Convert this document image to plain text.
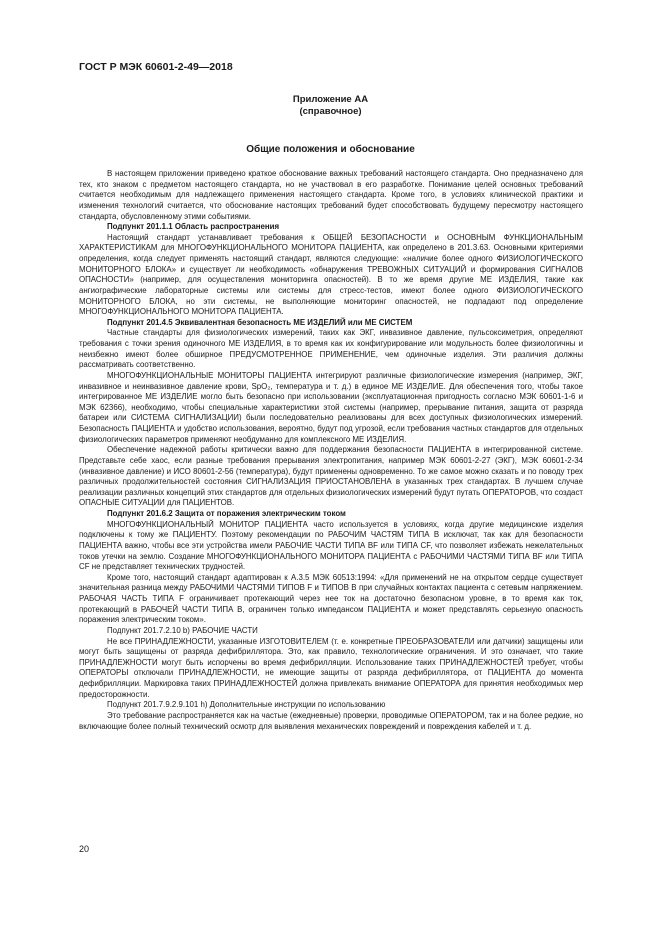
ГОСТ Р МЭК 60601-2-49—2018
Приложение АА
(справочное)
Общие положения и обоснование

В настоящем приложении приведено краткое обоснование важных требований настоящего стандарта. Оно предназначено для тех, кто знаком с предметом настоящего стандарта, но не участвовал в его разработке. Понимание целей основных требований считается необходимым для надлежащего применения настоящего стандарта. Кроме того, в условиях клинической практики и изменения технологий считается, что обоснование настоящих требований будет способствовать будущему пересмотру настоящего стандарта, обусловленному этими событиями.

Подпункт 201.1.1 Область распространения

Настоящий стандарт устанавливает требования к ОБЩЕЙ БЕЗОПАСНОСТИ и ОСНОВНЫМ ФУНКЦИОНАЛЬНЫМ ХАРАКТЕРИСТИКАМ для МНОГОФУНКЦИОНАЛЬНОГО МОНИТОРА ПАЦИЕНТА, как определено в 201.3.63. Основными критериями определения, когда следует применять настоящий стандарт, являются следующие: «наличие более одного ФИЗИОЛОГИЧЕСКОГО МОНИТОРНОГО БЛОКА» и существует ли необходимость «обнаружения ТРЕВОЖНЫХ СИТУАЦИЙ и формирования СИГНАЛОВ ОПАСНОСТИ» (например, для осуществления мониторинга опасностей). В то же время другие МЕ ИЗДЕЛИЯ, такие как ангиографические лабораторные системы или системы для стресс-тестов, имеют более одного ФИЗИОЛОГИЧЕСКОГО МОНИТОРНОГО БЛОКА, но эти системы, не выполняющие мониторинг опасностей, не подпадают под определение МНОГОФУНКЦИОНАЛЬНОГО МОНИТОРА ПАЦИЕНТА.

Подпункт 201.4.5 Эквивалентная безопасность МЕ ИЗДЕЛИЙ или МЕ СИСТЕМ

Частные стандарты для физиологических измерений, таких как ЭКГ, инвазивное давление, пульсоксиметрия, определяют требования с точки зрения одиночного МЕ ИЗДЕЛИЯ, в то время как их конфигурирование или модульность более физиологичны и неизбежно имеют более обширное ПРЕДУСМОТРЕННОЕ ПРИМЕНЕНИЕ, чем одиночные изделия. Эти различия должны рассматривать соответственно.

МНОГОФУНКЦИОНАЛЬНЫЕ МОНИТОРЫ ПАЦИЕНТА интегрируют различные физиологические измерения (например, ЭКГ, инвазивное и неинвазивное давление крови, SpO₂, температура и т. д.) в единое МЕ ИЗДЕЛИЕ. Для обеспечения того, чтобы такое интегрированное МЕ ИЗДЕЛИЕ могло быть безопасно при использовании (эксплуатационная пригодность согласно МЭК 60601-1-6 и МЭК 62366), необходимо, чтобы специальные характеристики этой системы (например, прерывание питания, защита от разряда батареи или СИСТЕМА СИГНАЛИЗАЦИИ) были последовательно реализованы для всех доступных физиологических измерений. Безопасность ПАЦИЕНТА и удобство использования, вероятно, будут под угрозой, если требования частных стандартов для отдельных физиологических параметров применяют необдуманно для комплексного МЕ ИЗДЕЛИЯ.

Обеспечение надежной работы критически важно для поддержания безопасности ПАЦИЕНТА в интегрированной системе. Представьте себе хаос, если разные требования прерывания электропитания, например МЭК 60601-2-27 (ЭКГ), МЭК 60601-2-34 (инвазивное давление) и ИСО 80601-2-56 (температура), будут применены одновременно. То же самое можно сказать и по поводу трех различных продолжительностей состояния СИГНАЛИЗАЦИЯ ПРИОСТАНОВЛЕНА в указанных трех стандартах. В лучшем случае реализации различных концепций этих стандартов для отдельных физиологических измерений будут путать ОПЕРАТОРОВ, что создаст ОПАСНЫЕ СИТУАЦИИ для ПАЦИЕНТОВ.

Подпункт 201.6.2 Защита от поражения электрическим током

МНОГОФУНКЦИОНАЛЬНЫЙ МОНИТОР ПАЦИЕНТА часто используется в условиях, когда другие медицинские изделия подключены к тому же ПАЦИЕНТУ. Поэтому рекомендации по РАБОЧИМ ЧАСТЯМ ТИПА В исключат, так как для безопасности ПАЦИЕНТА важно, чтобы все эти устройства имели РАБОЧИЕ ЧАСТИ ТИПА BF или ТИПА CF, что позволяет избежать нежелательных токов утечки на землю. Создание МНОГОФУНКЦИОНАЛЬНОГО МОНИТОРА ПАЦИЕНТА с РАБОЧИМИ ЧАСТЯМИ ТИПА BF или ТИПА CF не представляет технических трудностей.

Кроме того, настоящий стандарт адаптирован к А.3.5 МЭК 60513:1994: «Для применений не на открытом сердце существует значительная разница между РАБОЧИМИ ЧАСТЯМИ ТИПОВ F и ТИПОВ В при случайных контактах пациента с сетевым напряжением. РАБОЧАЯ ЧАСТЬ ТИПА F ограничивает протекающий через нее ток на достаточно безопасном уровне, в то время как ток, протекающий в РАБОЧЕЙ ЧАСТИ ТИПА В, ограничен только импедансом ПАЦИЕНТА и может представлять серьезную опасность поражения электрическим током».

Подпункт 201.7.2.10 b) РАБОЧИЕ ЧАСТИ

Не все ПРИНАДЛЕЖНОСТИ, указанные ИЗГОТОВИТЕЛЕМ (т. е. конкретные ПРЕОБРАЗОВАТЕЛИ или датчики) защищены или могут быть защищены от разряда дефибриллятора. Это, как правило, технологические ограничения. И это означает, что такие ПРИНАДЛЕЖНОСТИ могут быть испорчены во время дефибрилляции. Использование таких ПРИНАДЛЕЖНОСТЕЙ требует, чтобы ОПЕРАТОРЫ отключали ПРИНАДЛЕЖНОСТИ, не имеющие защиты от разряда дефибриллятора, от ПАЦИЕНТА до момента дефибрилляции. Маркировка таких ПРИНАДЛЕЖНОСТЕЙ должна привлекать внимание ОПЕРАТОРА для принятия необходимых мер предосторожности.

Подпункт 201.7.9.2.9.101 h) Дополнительные инструкции по использованию

Это требование распространяется как на частые (ежедневные) проверки, проводимые ОПЕРАТОРОМ, так и на более редкие, но включающие более полный технический осмотр для выявления механических повреждений и повреждения кабелей и т. д.

20
